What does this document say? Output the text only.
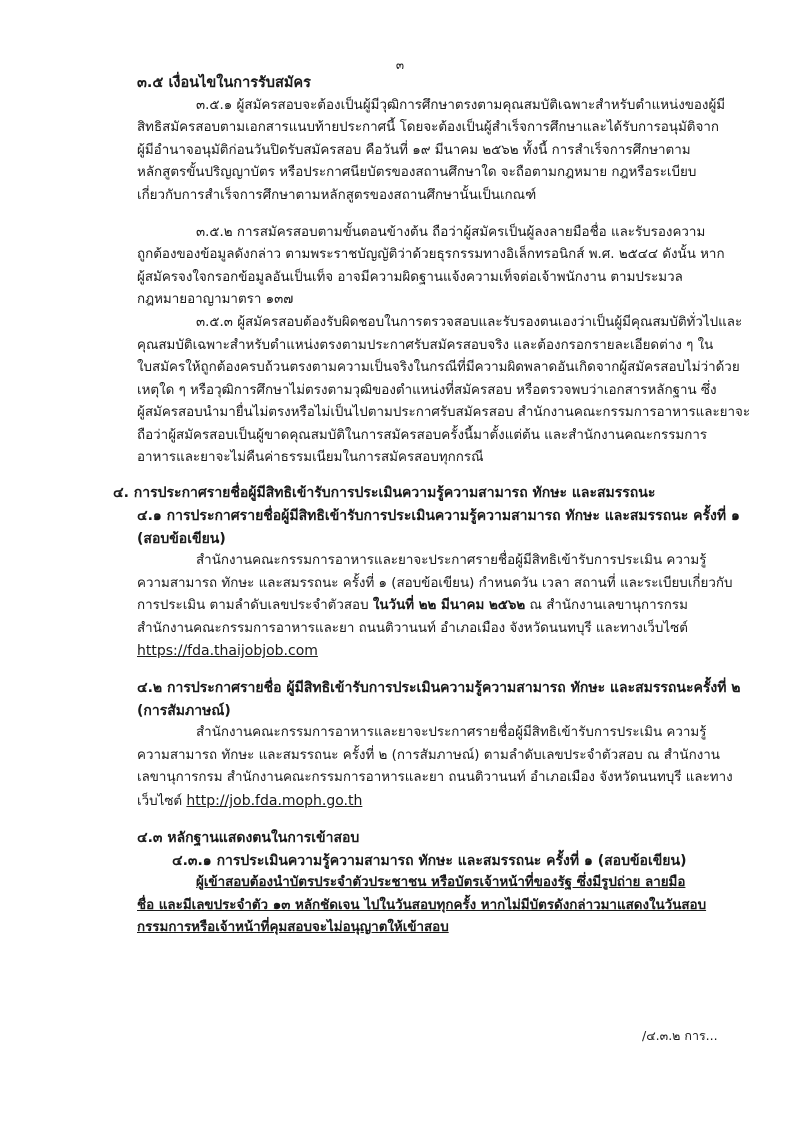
๓
๓.๕ เงื่อนไขในการรับสมัคร
๓.๕.๑ ผู้สมัครสอบจะต้องเป็นผู้มีวุฒิการศึกษาตรงตามคุณสมบัติเฉพาะสำหรับตำแหน่งของผู้มี
สิทธิสมัครสอบตามเอกสารแนบท้ายประกาศนี้ โดยจะต้องเป็นผู้สำเร็จการศึกษาและได้รับการอนุมัติจาก
ผู้มีอำนาจอนุมัติก่อนวันปิดรับสมัครสอบ คือวันที่ ๑๙ มีนาคม ๒๕๖๒ ทั้งนี้ การสำเร็จการศึกษาตาม
หลักสูตรขั้นปริญญาบัตร หรือประกาศนียบัตรของสถานศึกษาใด จะถือตามกฎหมาย กฎหรือระเบียบ
เกี่ยวกับการสำเร็จการศึกษาตามหลักสูตรของสถานศึกษานั้นเป็นเกณฑ์
๓.๕.๒ การสมัครสอบตามขั้นตอนข้างต้น ถือว่าผู้สมัครเป็นผู้ลงลายมือชื่อ และรับรองความ
ถูกต้องของข้อมูลดังกล่าว ตามพระราชบัญญัติว่าด้วยธุรกรรมทางอิเล็กทรอนิกส์ พ.ศ. ๒๕๔๔ ดังนั้น หาก
ผู้สมัครจงใจกรอกข้อมูลอันเป็นเท็จ อาจมีความผิดฐานแจ้งความเท็จต่อเจ้าพนักงาน ตามประมวล
กฎหมายอาญามาตรา ๑๓๗
๓.๕.๓ ผู้สมัครสอบต้องรับผิดชอบในการตรวจสอบและรับรองตนเองว่าเป็นผู้มีคุณสมบัติทั่วไปและ
คุณสมบัติเฉพาะสำหรับตำแหน่งตรงตามประกาศรับสมัครสอบจริง และต้องกรอกรายละเอียดต่าง ๆ ใน
ใบสมัครให้ถูกต้องครบถ้วนตรงตามความเป็นจริงในกรณีที่มีความผิดพลาดอันเกิดจากผู้สมัครสอบไม่ว่าด้วย
เหตุใด ๆ หรือวุฒิการศึกษาไม่ตรงตามวุฒิของตำแหน่งที่สมัครสอบ หรือตรวจพบว่าเอกสารหลักฐาน ซึ่ง
ผู้สมัครสอบนำมายื่นไม่ตรงหรือไม่เป็นไปตามประกาศรับสมัครสอบ สำนักงานคณะกรรมการอาหารและยาจะ
ถือว่าผู้สมัครสอบเป็นผู้ขาดคุณสมบัติในการสมัครสอบครั้งนี้มาตั้งแต่ต้น และสำนักงานคณะกรรมการ
อาหารและยาจะไม่คืนค่าธรรมเนียมในการสมัครสอบทุกกรณี
๔. การประกาศรายชื่อผู้มีสิทธิเข้ารับการประเมินความรู้ความสามารถ ทักษะ และสมรรถนะ
๔.๑ การประกาศรายชื่อผู้มีสิทธิเข้ารับการประเมินความรู้ความสามารถ ทักษะ และสมรรถนะ ครั้งที่ ๑
(สอบข้อเขียน)
สำนักงานคณะกรรมการอาหารและยาจะประกาศรายชื่อผู้มีสิทธิเข้ารับการประเมิน ความรู้
ความสามารถ ทักษะ และสมรรถนะ ครั้งที่ ๑ (สอบข้อเขียน) กำหนดวัน เวลา สถานที่ และระเบียบเกี่ยวกับ
การประเมิน ตามลำดับเลขประจำตัวสอบ ในวันที่ ๒๒ มีนาคม ๒๕๖๒ ณ สำนักงานเลขานุการกรม
สำนักงานคณะกรรมการอาหารและยา ถนนติวานนท์ อำเภอเมือง จังหวัดนนทบุรี และทางเว็บไซต์
https://fda.thaijobjob.com
๔.๒ การประกาศรายชื่อ ผู้มีสิทธิเข้ารับการประเมินความรู้ความสามารถ ทักษะ และสมรรถนะครั้งที่ ๒
(การสัมภาษณ์)
สำนักงานคณะกรรมการอาหารและยาจะประกาศรายชื่อผู้มีสิทธิเข้ารับการประเมิน ความรู้
ความสามารถ ทักษะ และสมรรถนะ ครั้งที่ ๒ (การสัมภาษณ์) ตามลำดับเลขประจำตัวสอบ ณ สำนักงาน
เลขานุการกรม สำนักงานคณะกรรมการอาหารและยา ถนนติวานนท์ อำเภอเมือง จังหวัดนนทบุรี และทาง
เว็บไซต์ http://job.fda.moph.go.th
๔.๓ หลักฐานแสดงตนในการเข้าสอบ
๔.๓.๑ การประเมินความรู้ความสามารถ ทักษะ และสมรรถนะ ครั้งที่ ๑ (สอบข้อเขียน)
ผู้เข้าสอบต้องนำบัตรประจำตัวประชาชน หรือบัตรเจ้าหน้าที่ของรัฐ ซึ่งมีรูปถ่าย ลายมือ
ชื่อ และมีเลขประจำตัว ๑๓ หลักชัดเจน ไปในวันสอบทุกครั้ง หากไม่มีบัตรดังกล่าวมาแสดงในวันสอบ
กรรมการหรือเจ้าหน้าที่คุมสอบจะไม่อนุญาตให้เข้าสอบ
/๔.๓.๒ การ...
